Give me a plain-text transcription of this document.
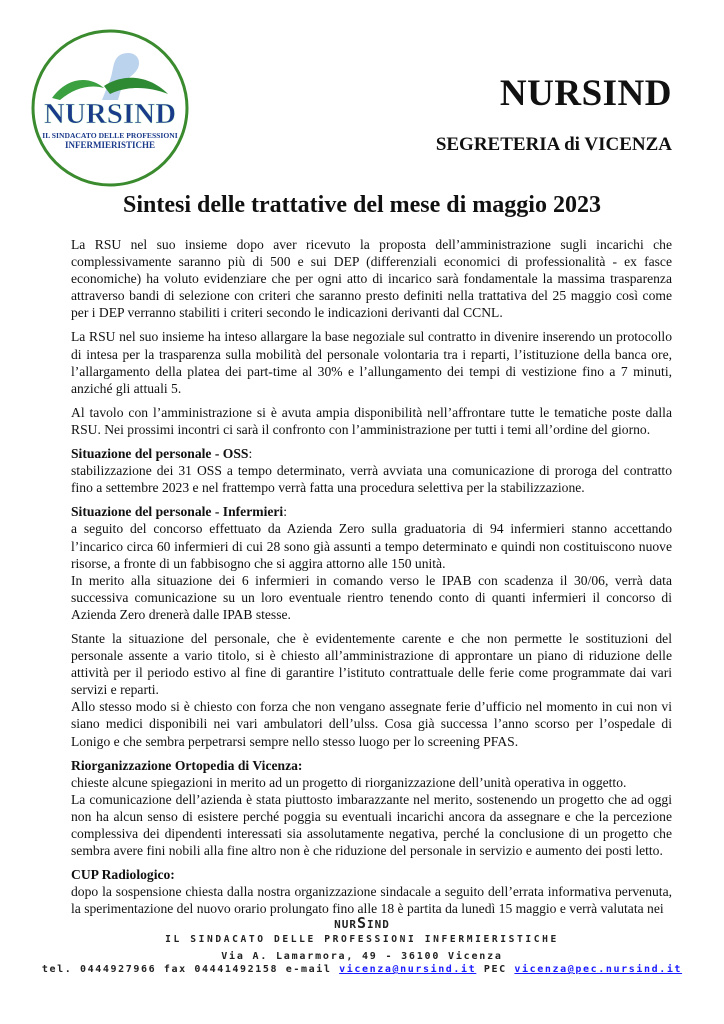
NURSIND
IL SINDACATO DELLE PROFESSIONI
INFERMIERISTICHE
NURSIND
SEGRETERIA di VICENZA
Sintesi delle trattative del mese di maggio 2023

La RSU nel suo insieme dopo aver ricevuto la proposta dell’amministrazione sugli incarichi che complessivamente saranno più di 500 e sui DEP (differenziali economici di professionalità - ex fasce economiche) ha voluto evidenziare che per ogni atto di incarico sarà fondamentale la massima trasparenza attraverso bandi di selezione con criteri che saranno presto definiti nella trattativa del 25 maggio così come per i DEP verranno stabiliti i criteri secondo le indicazioni derivanti dal CCNL.

La RSU nel suo insieme ha inteso allargare la base negoziale sul contratto in divenire inserendo un protocollo di intesa per la trasparenza sulla mobilità del personale volontaria tra i reparti, l’istituzione della banca ore, l’allargamento della platea dei part-time al 30% e l’allungamento dei tempi di vestizione fino a 7 minuti, anziché gli attuali 5.

Al tavolo con l’amministrazione si è avuta ampia disponibilità nell’affrontare tutte le tematiche poste dalla RSU. Nei prossimi incontri ci sarà il confronto con l’amministrazione per tutti i temi all’ordine del giorno.

Situazione del personale - OSS:
stabilizzazione dei 31 OSS a tempo determinato, verrà avviata una comunicazione di proroga del contratto fino a settembre 2023 e nel frattempo verrà fatta una procedura selettiva per la stabilizzazione.

Situazione del personale - Infermieri:
a seguito del concorso effettuato da Azienda Zero sulla graduatoria di 94 infermieri stanno accettando l’incarico circa 60 infermieri di cui 28 sono già assunti a tempo determinato e quindi non costituiscono nuove risorse, a fronte di un fabbisogno che si aggira attorno alle 150 unità.
In merito alla situazione dei 6 infermieri in comando verso le IPAB con scadenza il 30/06, verrà data successiva comunicazione su un loro eventuale rientro tenendo conto di quanti infermieri il concorso di Azienda Zero drenerà dalle IPAB stesse.

Stante la situazione del personale, che è evidentemente carente e che non permette le sostituzioni del personale assente a vario titolo, si è chiesto all’amministrazione di approntare un piano di riduzione delle attività per il periodo estivo al fine di garantire l’istituto contrattuale delle ferie come programmate dai vari servizi e reparti.
Allo stesso modo si è chiesto con forza che non vengano assegnate ferie d’ufficio nel momento in cui non vi siano medici disponibili nei vari ambulatori dell’ulss. Cosa già successa l’anno scorso per l’ospedale di Lonigo e che sembra perpetrarsi sempre nello stesso luogo per lo screening PFAS.

Riorganizzazione Ortopedia di Vicenza:
chieste alcune spiegazioni in merito ad un progetto di riorganizzazione dell’unità operativa in oggetto.
La comunicazione dell’azienda è stata piuttosto imbarazzante nel merito, sostenendo un progetto che ad oggi non ha alcun senso di esistere perché poggia su eventuali incarichi ancora da assegnare e che la percezione complessiva dei dipendenti interessati sia assolutamente negativa, perché la conclusione di un progetto che sembra avere fini nobili alla fine altro non è che riduzione del personale in servizio e aumento dei posti letto.

CUP Radiologico:
dopo la sospensione chiesta dalla nostra organizzazione sindacale a seguito dell’errata informativa pervenuta, la sperimentazione del nuovo orario prolungato fino alle 18 è partita da lunedì 15 maggio e verrà valutata nei

NURSIND
IL SINDACATO DELLE PROFESSIONI INFERMIERISTICHE
Via A. Lamarmora, 49 - 36100 Vicenza
tel. 0444927966 fax 04441492158 e-mail vicenza@nursind.it PEC vicenza@pec.nursind.it
